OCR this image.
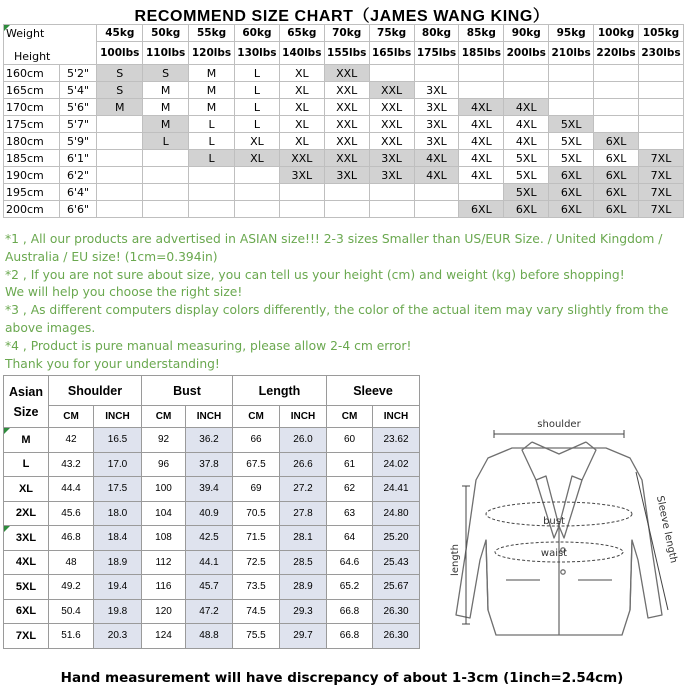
RECOMMEND SIZE CHART（JAMES WANG KING）
Weight
Height		45kg	50kg	55kg	60kg	65kg	70kg	75kg	80kg	85kg	90kg	95kg	100kg	105kg
		100lbs	110lbs	120lbs	130lbs	140lbs	155lbs	165lbs	175lbs	185lbs	200lbs	210lbs	220lbs	230lbs
160cm	5'2"	S	S	M	L	XL	XXL							
165cm	5'4"	S	M	M	L	XL	XXL	XXL	3XL					
170cm	5'6"	M	M	M	L	XL	XXL	XXL	3XL	4XL	4XL			
175cm	5'7"		M	L	L	XL	XXL	XXL	3XL	4XL	4XL	5XL		
180cm	5'9"		L	L	XL	XL	XXL	XXL	3XL	4XL	4XL	5XL	6XL	
185cm	6'1"			L	XL	XXL	XXL	3XL	4XL	4XL	5XL	5XL	6XL	7XL
190cm	6'2"					3XL	3XL	3XL	4XL	4XL	5XL	6XL	6XL	7XL
195cm	6'4"										5XL	6XL	6XL	7XL
200cm	6'6"									6XL	6XL	6XL	6XL	7XL
*1 , All our products are advertised in ASIAN size!!! 2-3 sizes Smaller than US/EUR Size. / United Kingdom / Australia / EU size! (1cm=0.394in)
*2 , If you are not sure about size, you can tell us your height (cm) and weight (kg) before shopping!
We will help you choose the right size!
*3 , As different computers display colors differently, the color of the actual item may vary slightly from the above images.
*4 , Product is pure manual measuring, please allow 2-4 cm error!
Thank you for your understanding!
Asian Size	Shoulder		Bust		Length		Sleeve	
	CM	INCH	CM	INCH	CM	INCH	CM	INCH

M	42	16.5	92	36.2	66	26.0	60	23.62
L	43.2	17.0	96	37.8	67.5	26.6	61	24.02
XL	44.4	17.5	100	39.4	69	27.2	62	24.41
2XL	45.6	18.0	104	40.9	70.5	27.8	63	24.80

3XL	46.8	18.4	108	42.5	71.5	28.1	64	25.20
4XL	48	18.9	112	44.1	72.5	28.5	64.6	25.43
5XL	49.2	19.4	116	45.7	73.5	28.9	65.2	25.67
6XL	50.4	19.8	120	47.2	74.5	29.3	66.8	26.30
7XL	51.6	20.3	124	48.8	75.5	29.7	66.8	26.30
shoulder
length
bust
waist	Sleeve length
Hand measurement will have discrepancy of about 1-3cm (1inch=2.54cm)
